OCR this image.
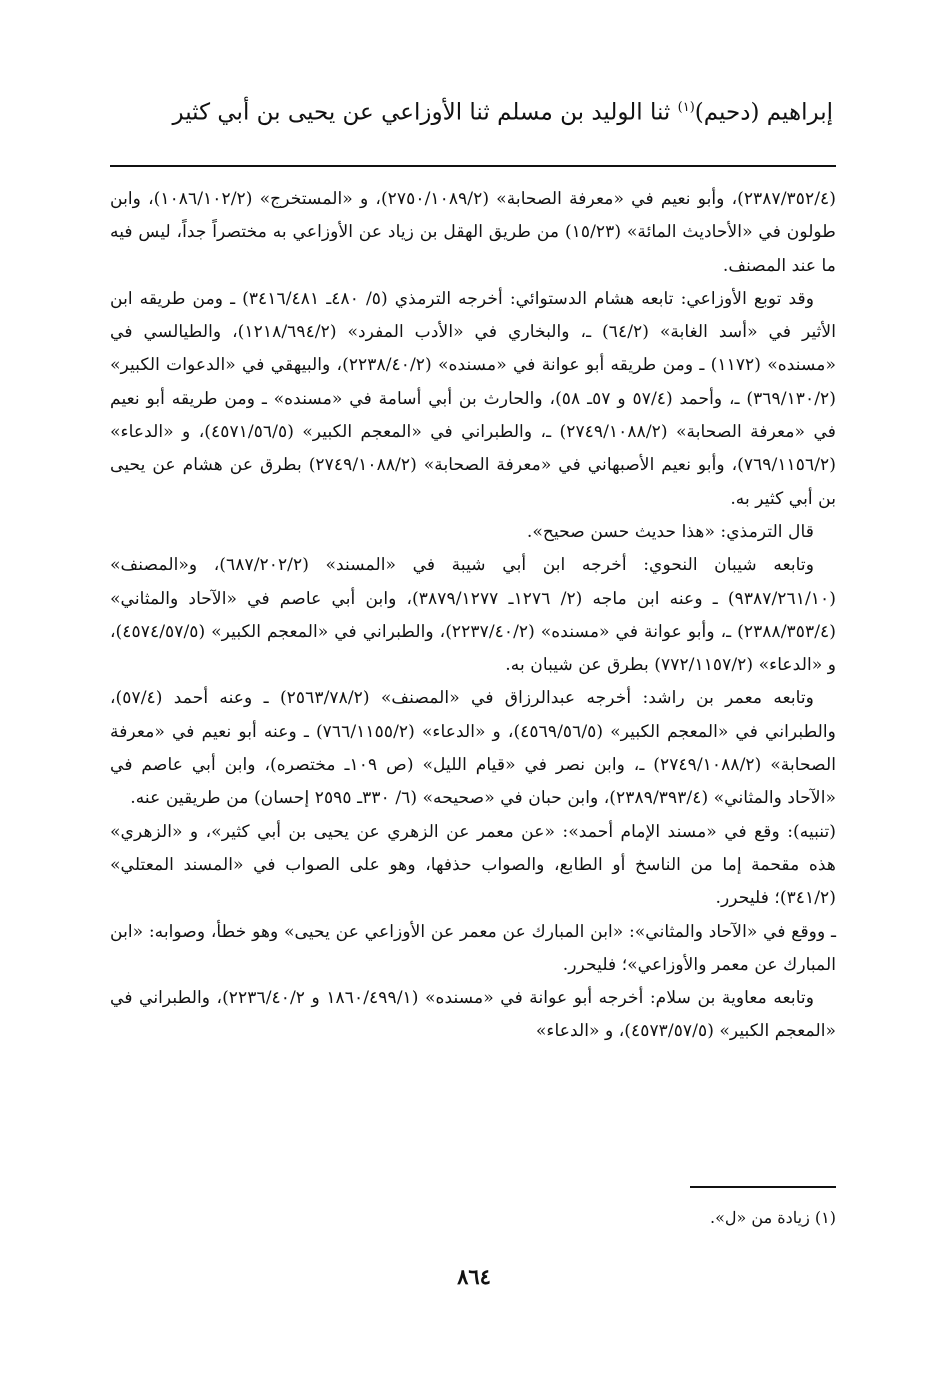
إبراهيم (دحيم)$^{(١)}$ ثنا الوليد بن مسلم ثنا الأوزاعي عن يحيى بن أبي كثير

(٢٣٨٧/٣٥٢/٤)، وأبو نعيم في «معرفة الصحابة» (٢٧٥٠/١٠٨٩/٢)، و «المستخرج» (١٠٨٦/١٠٢/٢)، وابن طولون في «الأحاديث المائة» (١٥/٢٣) من طريق الهقل بن زياد عن الأوزاعي به مختصراً جداً، ليس فيه ما عند المصنف.

وقد توبع الأوزاعي: تابعه هشام الدستوائي: أخرجه الترمذي (٥/ ٤٨٠ـ ٣٤١٦/٤٨١) ـ ومن طريقه ابن الأثير في «أسد الغابة» (٦٤/٢) ـ، والبخاري في «الأدب المفرد» (١٢١٨/٦٩٤/٢)، والطيالسي في «مسنده» (١١٧٢) ـ ومن طريقه أبو عوانة في «مسنده» (٢٢٣٨/٤٠/٢)، والبيهقي في «الدعوات الكبير» (٣٦٩/١٣٠/٢) ـ، وأحمد (٥٧/٤ و ٥٧ـ ٥٨)، والحارث بن أبي أسامة في «مسنده» ـ ومن طريقه أبو نعيم في «معرفة الصحابة» (٢٧٤٩/١٠٨٨/٢) ـ، والطبراني في «المعجم الكبير» (٤٥٧١/٥٦/٥)، و «الدعاء» (٧٦٩/١١٥٦/٢)، وأبو نعيم الأصبهاني في «معرفة الصحابة» (٢٧٤٩/١٠٨٨/٢) بطرق عن هشام عن يحيى بن أبي كثير به.

قال الترمذي: «هذا حديث حسن صحيح».

وتابعه شيبان النحوي: أخرجه ابن أبي شيبة في «المسند» (٦٨٧/٢٠٢/٢)، و«المصنف» (٩٣٨٧/٢٦١/١٠) ـ وعنه ابن ماجه (٢/ ١٢٧٦ـ ٣٨٧٩/١٢٧٧)، وابن أبي عاصم في «الآحاد والمثاني» (٢٣٨٨/٣٥٣/٤) ـ، وأبو عوانة في «مسنده» (٢٢٣٧/٤٠/٢)، والطبراني في «المعجم الكبير» (٤٥٧٤/٥٧/٥)، و «الدعاء» (٧٧٢/١١٥٧/٢) بطرق عن شيبان به.

وتابعه معمر بن راشد: أخرجه عبدالرزاق في «المصنف» (٢٥٦٣/٧٨/٢) ـ وعنه أحمد (٥٧/٤)، والطبراني في «المعجم الكبير» (٤٥٦٩/٥٦/٥)، و «الدعاء» (٧٦٦/١١٥٥/٢) ـ وعنه أبو نعيم في «معرفة الصحابة» (٢٧٤٩/١٠٨٨/٢) ـ، وابن نصر في «قيام الليل» (ص ١٠٩ـ مختصره)، وابن أبي عاصم في «الآحاد والمثاني» (٢٣٨٩/٣٩٣/٤)، وابن حبان في «صحيحه» (٦/ ٣٣٠ـ ٢٥٩٥ إحسان) من طريقين عنه.

(تنبيه): وقع في «مسند الإمام أحمد»: «عن معمر عن الزهري عن يحيى بن أبي كثير»، و «الزهري» هذه مقحمة إما من الناسخ أو الطابع، والصواب حذفها، وهو على الصواب في «المسند المعتلي» (٣٤١/٢)؛ فليحرر.

ـ ووقع في «الآحاد والمثاني»: «ابن المبارك عن معمر عن الأوزاعي عن يحيى» وهو خطأ، وصوابه: «ابن المبارك عن معمر والأوزاعي»؛ فليحرر.

وتابعه معاوية بن سلام: أخرجه أبو عوانة في «مسنده» (١٨٦٠/٤٩٩/١ و ٢٢٣٦/٤٠/٢)، والطبراني في «المعجم الكبير» (٤٥٧٣/٥٧/٥)، و «الدعاء»

(١) زيادة من «ل».
٨٦٤
